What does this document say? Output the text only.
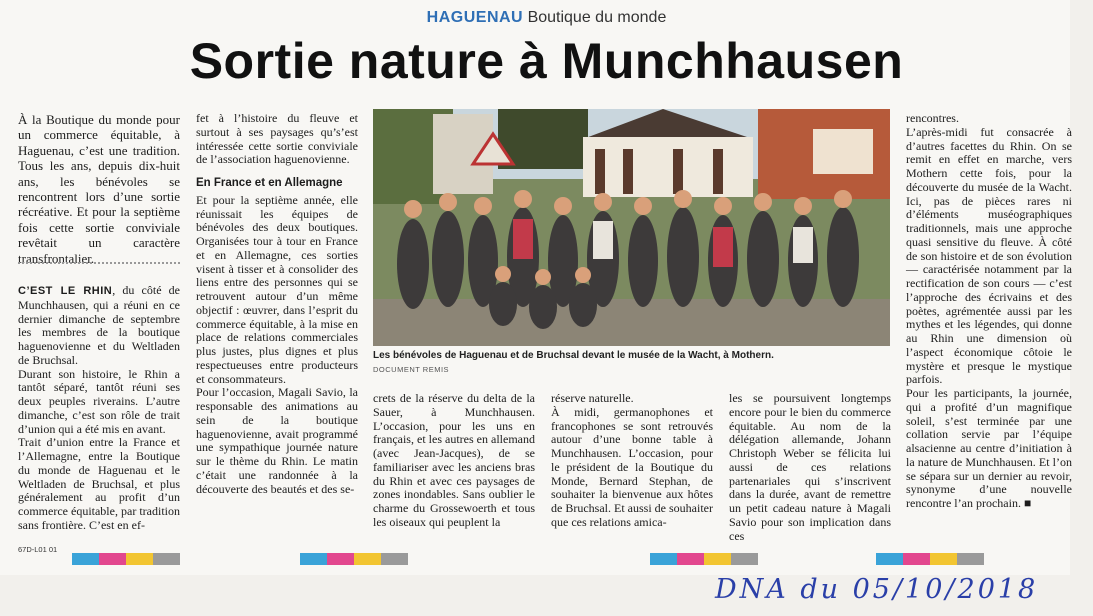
HAGUENAU Boutique du monde
Sortie nature à Munchhausen

À la Boutique du monde pour un commerce équitable, à Haguenau, c’est une tradition. Tous les ans, depuis dix-huit ans, les bénévoles se rencontrent lors d’une sortie récréative. Et pour la septième fois cette sortie conviviale revêtait un caractère transfrontalier.

C’EST LE RHIN, du côté de Munchhausen, qui a réuni en ce dernier dimanche de septembre les membres de la boutique haguenovienne et du Weltladen de Bruchsal.

Durant son histoire, le Rhin a tantôt séparé, tantôt réuni ses deux peuples riverains. L’autre dimanche, c’est son rôle de trait d’union qui a été mis en avant.

Trait d’union entre la France et l’Allemagne, entre la Boutique du monde de Haguenau et le Weltladen de Bruchsal, et plus généralement au profit d’un commerce équitable, par tradition sans frontière. C’est en ef-

fet à l’histoire du fleuve et surtout à ses paysages qu’s’est intéressée cette sortie conviviale de l’association haguenovienne.

En France et en Allemagne

Et pour la septième année, elle réunissait les équipes de bénévoles des deux boutiques. Organisées tour à tour en France et en Allemagne, ces sorties visent à tisser et à consolider des liens entre des personnes qui se retrouvent autour d’un même objectif : œuvrer, dans l’esprit du commerce équitable, à la mise en place de relations commerciales plus justes, plus dignes et plus respectueuses entre producteurs et consommateurs.

Pour l’occasion, Magali Savio, la responsable des animations au sein de la boutique haguenovienne, avait programmé une sympathique journée nature sur le thème du Rhin. Le matin c’était une randonnée à la découverte des beautés et des se-

Les bénévoles de Haguenau et de Bruchsal devant le musée de la Wacht, à Mothern.
DOCUMENT REMIS

crets de la réserve du delta de la Sauer, à Munchhausen. L’occasion, pour les uns en français, et les autres en allemand (avec Jean-Jacques), de se familiariser avec les anciens bras du Rhin et avec ces paysages de zones inondables. Sans oublier le charme du Grossewoerth et tous les oiseaux qui peuplent la

réserve naturelle.

À midi, germanophones et francophones se sont retrouvés autour d’une bonne table à Munchhausen. L’occasion, pour le président de la Boutique du Monde, Bernard Stephan, de souhaiter la bienvenue aux hôtes de Bruchsal. Et aussi de souhaiter que ces relations amica-

les se poursuivent longtemps encore pour le bien du commerce équitable. Au nom de la délégation allemande, Johann Christoph Weber se félicita lui aussi de ces relations partenariales qui s’inscrivent dans la durée, avant de remettre un petit cadeau nature à Magali Savio pour son implication dans ces

rencontres.

L’après-midi fut consacrée à d’autres facettes du Rhin. On se remit en effet en marche, vers Mothern cette fois, pour la découverte du musée de la Wacht. Ici, pas de pièces rares ni d’éléments muséographiques traditionnels, mais une approche quasi sensitive du fleuve. À côté de son histoire et de son évolution — caractérisée notamment par la rectification de son cours — c’est l’approche des écrivains et des poètes, agrémentée aussi par les mythes et les légendes, qui donne au Rhin une dimension où l’aspect économique côtoie le mystère et presque le mystique parfois.

Pour les participants, la journée, qui a profité d’un magnifique soleil, s’est terminée par une collation servie par l’équipe alsacienne au centre d’initiation à la nature de Munchhausen. Et l’on se sépara sur un dernier au revoir, synonyme d’une nouvelle rencontre l’an prochain. ■

67D-L01 01
DNA du 05/10/2018
